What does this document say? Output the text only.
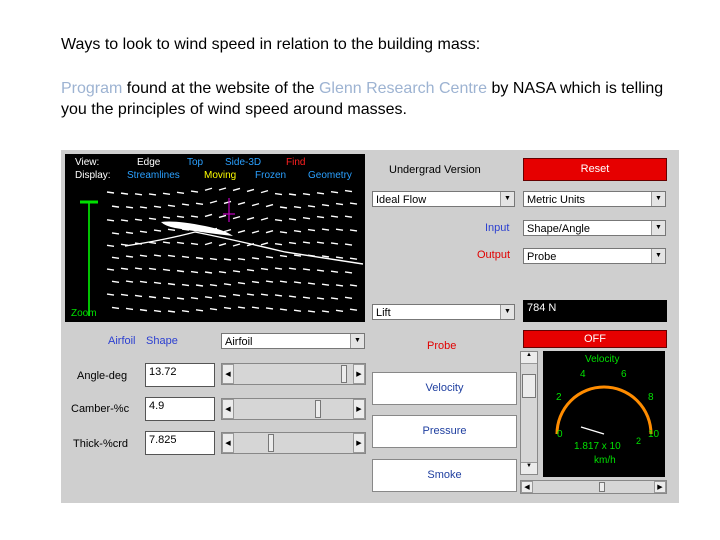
Ways to look to wind speed in relation to the building mass:
Program found at the website of the Glenn Research Centre by NASA which is telling you the principles of wind speed around masses.
View:	Edge	Top Side-3D Find
Display: Streamlines Moving Frozen Geometry
Zoom
Undergrad Version	Reset
Ideal Flow	▼ Metric Units	▼
Input Shape/Angle	▼
Output Probe	▼
Lift	▼	784 N
Airfoil Shape	Airfoil	▼	Probe
OFF
Angle-deg	13.72	◀	▶
Camber-%c	4.9	◀	▶
Thick-%crd	7.825	◀	▶
Velocity
Pressure
Smoke
▲
▼
Velocity
0
2
4	6
8
10
1.817 x 10 2
km/h
◀	▶
